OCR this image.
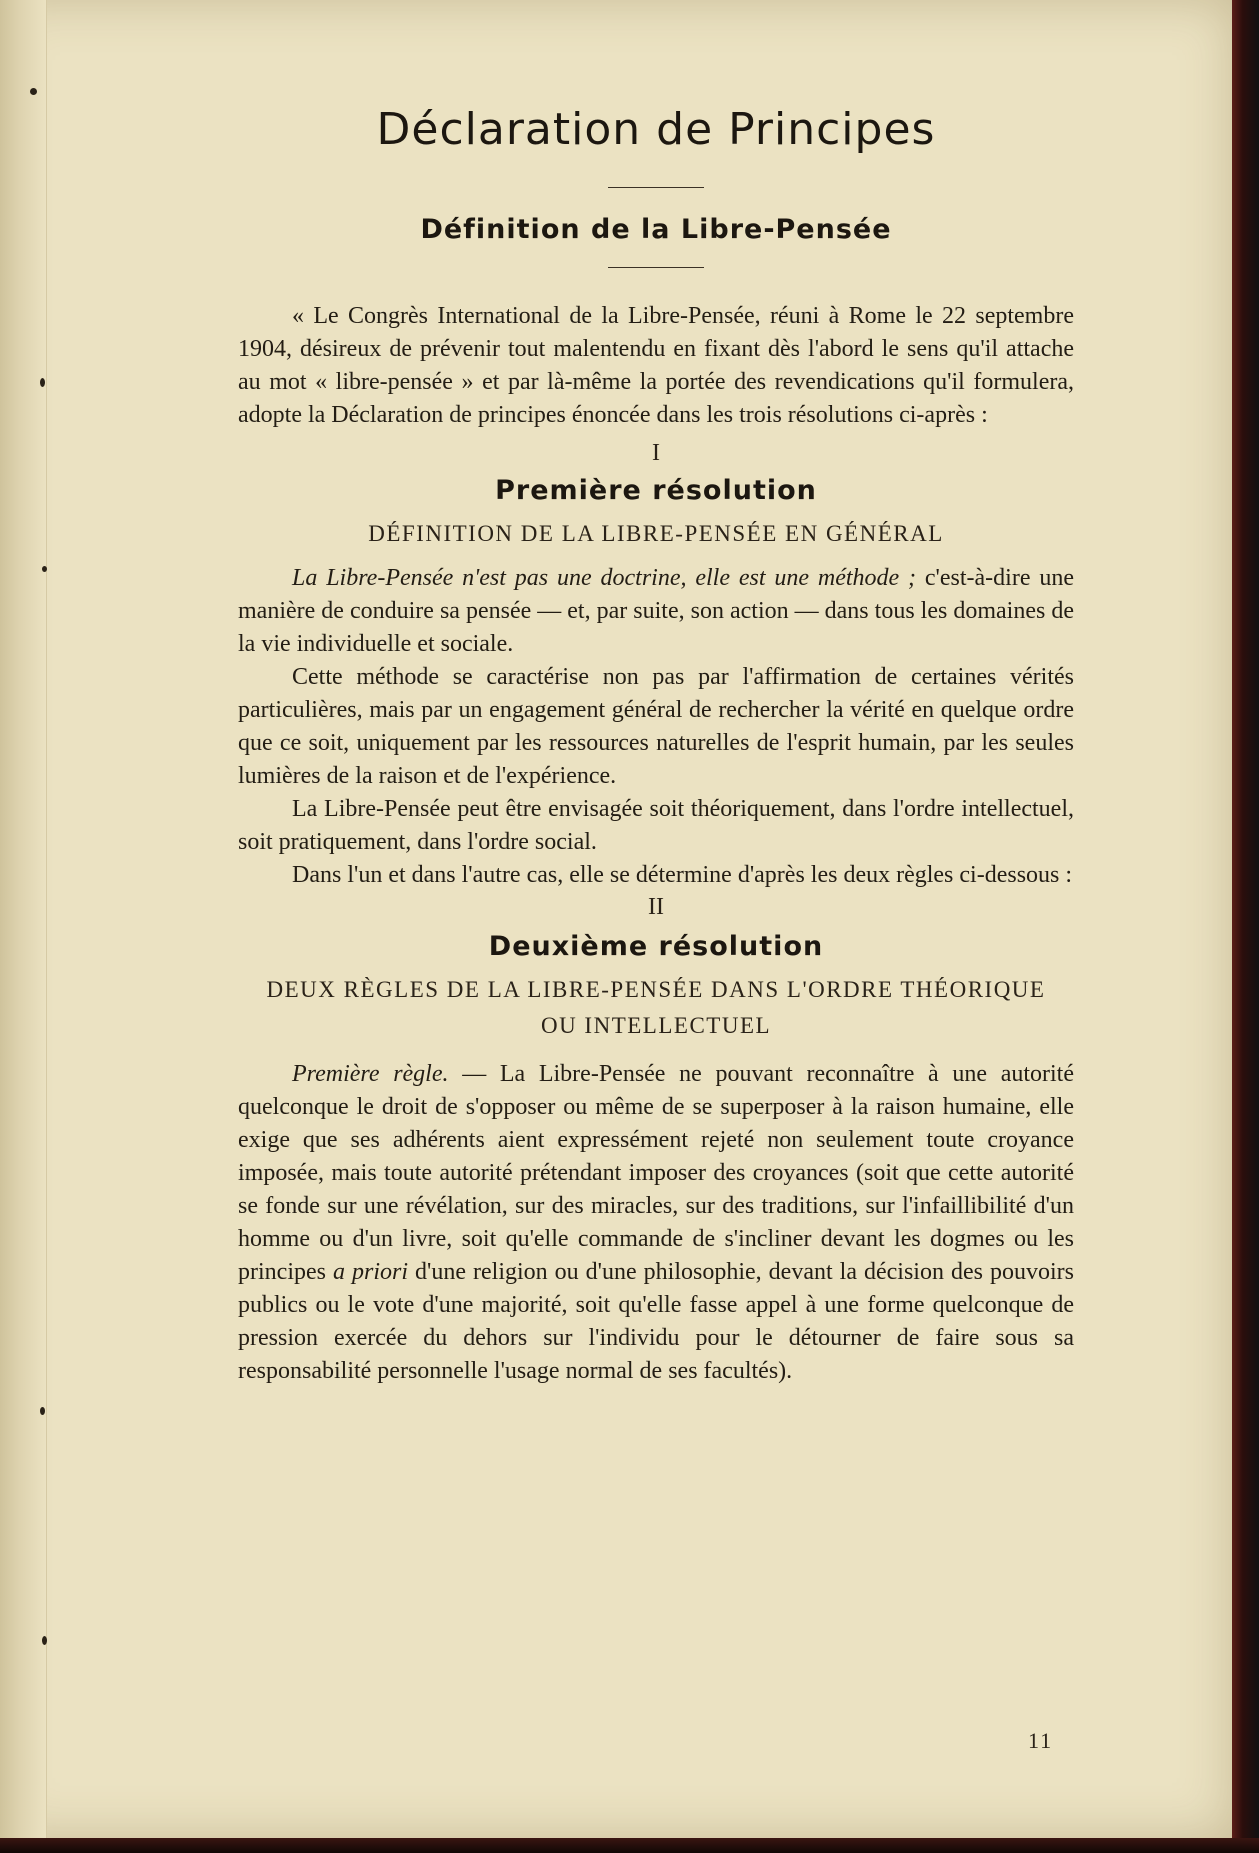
Déclaration de Principes
Définition de la Libre-Pensée

« Le Congrès International de la Libre-Pensée, réuni à Rome le 22 septembre 1904, désireux de prévenir tout malentendu en fixant dès l'abord le sens qu'il attache au mot « libre-pensée » et par là-même la portée des revendications qu'il formulera, adopte la Déclaration de principes énoncée dans les trois résolutions ci-après :

I
Première résolution
DÉFINITION DE LA LIBRE-PENSÉE EN GÉNÉRAL

La Libre-Pensée n'est pas une doctrine, elle est une méthode ; c'est-à-dire une manière de conduire sa pensée — et, par suite, son action — dans tous les domaines de la vie individuelle et sociale.

Cette méthode se caractérise non pas par l'affirmation de certaines vérités particulières, mais par un engagement général de rechercher la vérité en quelque ordre que ce soit, uniquement par les ressources naturelles de l'esprit humain, par les seules lumières de la raison et de l'expérience.

La Libre-Pensée peut être envisagée soit théoriquement, dans l'ordre intellectuel, soit pratiquement, dans l'ordre social.

Dans l'un et dans l'autre cas, elle se détermine d'après les deux règles ci-dessous :

II
Deuxième résolution
DEUX RÈGLES DE LA LIBRE-PENSÉE DANS L'ORDRE THÉORIQUE
OU INTELLECTUEL

Première règle. — La Libre-Pensée ne pouvant reconnaître à une autorité quelconque le droit de s'opposer ou même de se superposer à la raison humaine, elle exige que ses adhérents aient expressément rejeté non seulement toute croyance imposée, mais toute autorité prétendant imposer des croyances (soit que cette autorité se fonde sur une révélation, sur des miracles, sur des traditions, sur l'infaillibilité d'un homme ou d'un livre, soit qu'elle commande de s'incliner devant les dogmes ou les principes a priori d'une religion ou d'une philosophie, devant la décision des pouvoirs publics ou le vote d'une majorité, soit qu'elle fasse appel à une forme quelconque de pression exercée du dehors sur l'individu pour le détourner de faire sous sa responsabilité personnelle l'usage normal de ses facultés).

11
